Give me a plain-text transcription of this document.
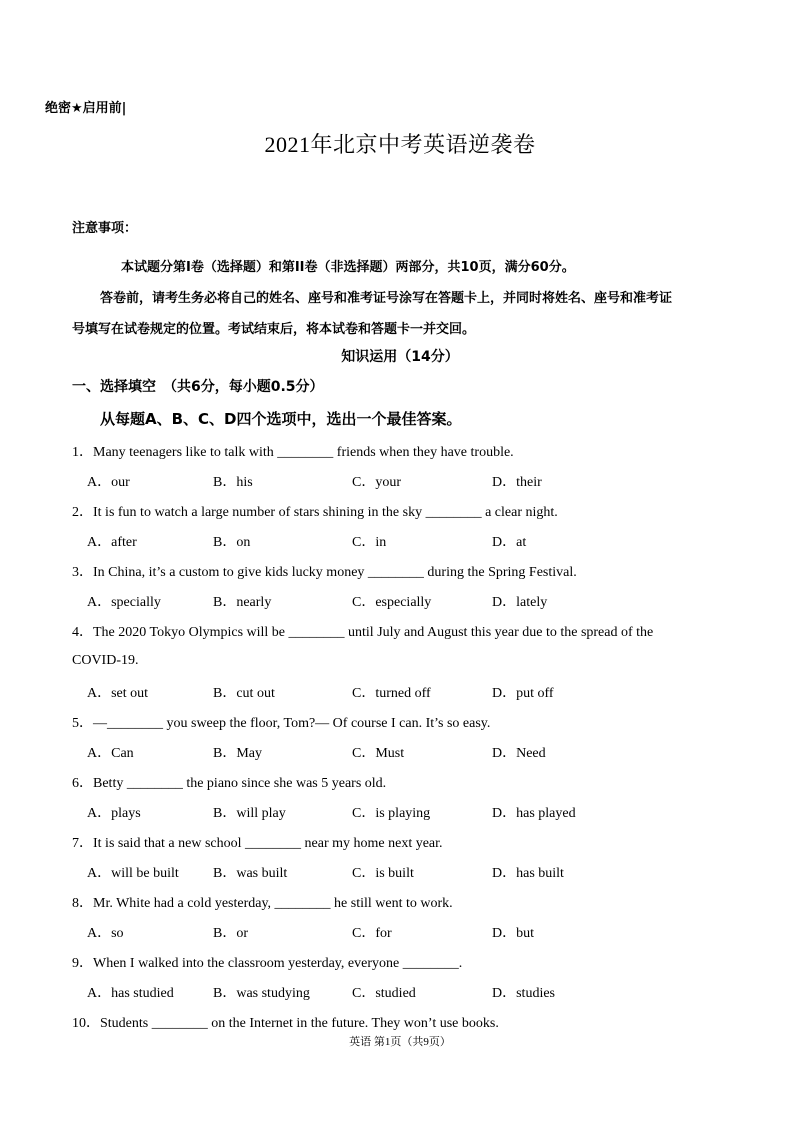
绝密★启用前|
2021年北京中考英语逆袭卷
注意事项：
本试题分第I卷（选择题）和第II卷（非选择题）两部分，共10页，满分60分。
答卷前，请考生务必将自己的姓名、座号和准考证号涂写在答题卡上，并同时将姓名、座号和准考证
号填写在试卷规定的位置。考试结束后，将本试卷和答题卡一并交回。
知识运用（14分）
一、选择填空　（共6分，每小题0.5分）
从每题A、B、C、D四个选项中，选出一个最佳答案。
1．Many teenagers like to talk with ________ friends when they have trouble.
A．our	B．his	C．your	D．their
2．It is fun to watch a large number of stars shining in the sky ________ a clear night.
A．after	B．on	C．in	D．at
3．In China, it’s a custom to give kids lucky money ________ during the Spring Festival.
A．specially	B．nearly	C．especially	D．lately
4．The 2020 Tokyo Olympics will be ________ until July and August this year due to the spread of the
COVID-19.
A．set out	B．cut out	C．turned off	D．put off
5．—________ you sweep the floor, Tom?— Of course I can. It’s so easy.
A．Can	B．May	C．Must	D．Need
6．Betty ________ the piano since she was 5 years old.
A．plays	B．will play	C．is playing	D．has played
7．It is said that a new school ________ near my home next year.
A．will be built B．was built	C．is built	D．has built
8．Mr. White had a cold yesterday, ________ he still went to work.
A．so	B．or	C．for	D．but
9．When I walked into the classroom yesterday, everyone ________.
A．has studied	B．was studying	C．studied	D．studies
10．Students ________ on the Internet in the future. They won’t use books.
英语 第1页（共9页）
